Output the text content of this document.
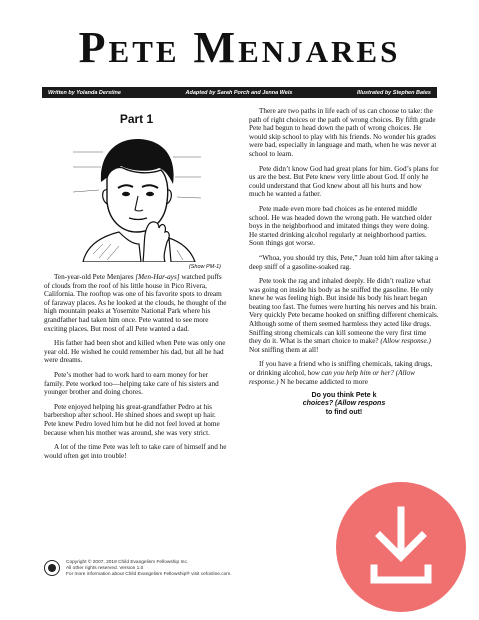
Pete Menjares
Written by Yolanda Derstine	Adapted by Sarah Porch and Jenna Weis	Illustrated by Stephen Bates
Part 1
(Show PM-1)

Ten-year-old Pete Menjares [Men-Har-ays] watched puffs of clouds from the roof of his little house in Pico Rivera, California. The rooftop was one of his favorite spots to dream of faraway places. As he looked at the clouds, he thought of the high mountain peaks at Yosemite National Park where his grandfather had taken him once. Pete wanted to see more exciting places. But most of all Pete wanted a dad.

His father had been shot and killed when Pete was only one year old. He wished he could remember his dad, but all he had were dreams.

Pete’s mother had to work hard to earn money for her family. Pete worked too—helping take care of his sisters and younger brother and doing chores.

Pete enjoyed helping his great-grandfather Pedro at his barbershop after school. He shined shoes and swept up hair. Pete knew Pedro loved him but he did not feel loved at home because when his mother was around, she was very strict.

A lot of the time Pete was left to take care of himself and he would often get into trouble!

There are two paths in life each of us can choose to take: the path of right choices or the path of wrong choices. By fifth grade Pete had begun to head down the path of wrong choices. He would skip school to play with his friends. No wonder his grades were bad, especially in language and math, when he was never at school to learn.

Pete didn’t know God had great plans for him. God’s plans for us are the best. But Pete knew very little about God. If only he could understand that God knew about all his hurts and how much he wanted a father.

Pete made even more bad choices as he entered middle school. He was headed down the wrong path. He watched older boys in the neighborhood and imitated things they were doing. He started drinking alcohol regularly at neighborhood parties. Soon things got worse.

“Whoa, you should try this, Pete,” Juan told him after taking a deep sniff of a gasoline-soaked rag.

Pete took the rag and inhaled deeply. He didn’t realize what was going on inside his body as he sniffed the gasoline. He only knew he was feeling high. But inside his body his heart began beating too fast. The fumes were hurting his nerves and his brain. Very quickly Pete became hooked on sniffing different chemicals. Although some of them seemed harmless they acted like drugs. Sniffing strong chemicals can kill someone the very first time they do it. What is the smart choice to make? (Allow response.) Not sniffing them at all!

If you have a friend who is sniffing chemicals, taking drugs, or drinking alcohol, how can you help him or her? (Allow response.) N he became addicted to more

Do you think Pete k
choices? (Allow respons
to find out!

Copyright © 2007, 2018 Child Evangelism Fellowship Inc.
All other rights reserved. Version 1.0
For more information about Child Evangelism Fellowship® visit cefonline.com.
